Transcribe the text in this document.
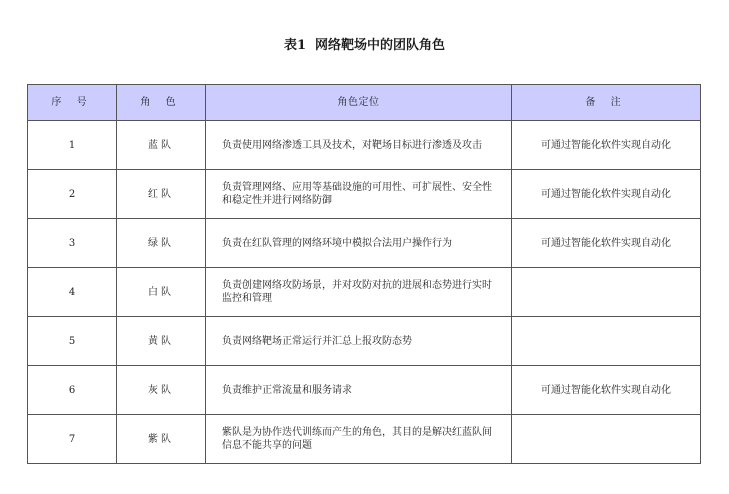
表1 网络靶场中的团队角色
序 号	角 色	角色定位	备 注
1	蓝队	负责使用网络渗透工具及技术，对靶场目标进行渗透及攻击	可通过智能化软件实现自动化
2	红队	负责管理网络、应用等基础设施的可用性、可扩展性、安全性和稳定性并进行网络防御	可通过智能化软件实现自动化
3	绿队	负责在红队管理的网络环境中模拟合法用户操作行为	可通过智能化软件实现自动化
4	白队	负责创建网络攻防场景，并对攻防对抗的进展和态势进行实时监控和管理	
5	黄队	负责网络靶场正常运行并汇总上报攻防态势	
6	灰队	负责维护正常流量和服务请求	可通过智能化软件实现自动化
7	紫队	紫队是为协作迭代训练而产生的角色，其目的是解决红蓝队间信息不能共享的问题	
